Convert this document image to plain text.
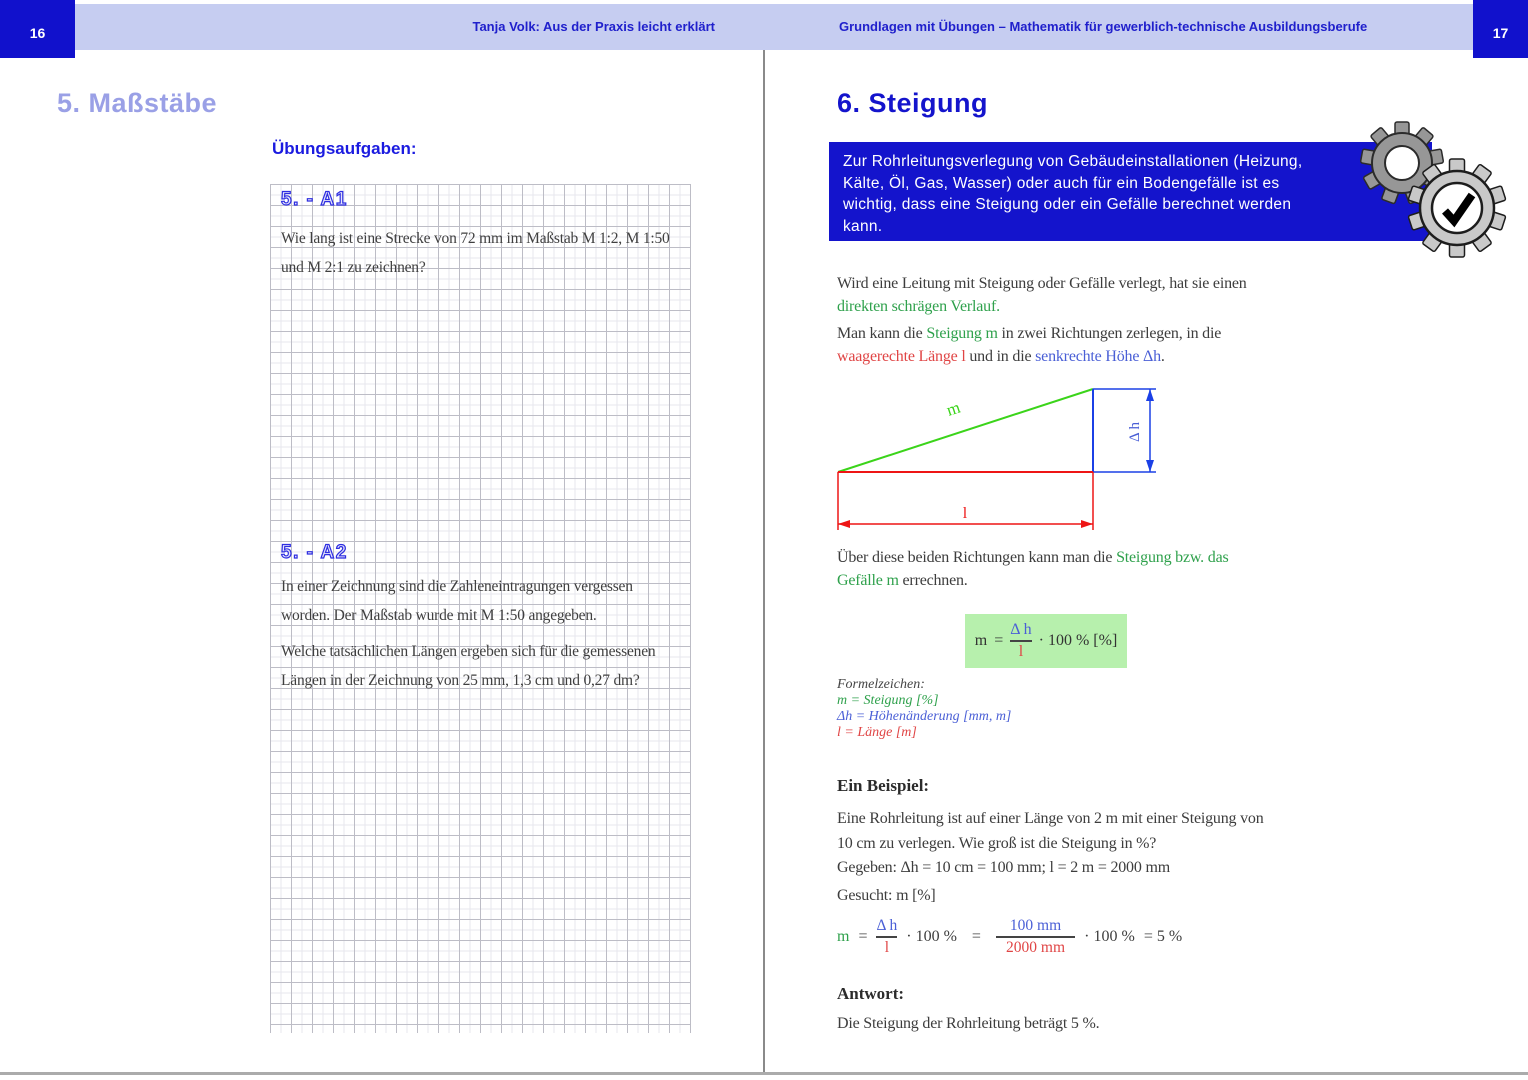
Tanja Volk: Aus der Praxis leicht erklärt	Grundlagen mit Übungen – Mathematik für gewerblich-technische Ausbildungsberufe
16	17
5. Maßstäbe
Übungsaufgaben:
5. - A1
Wie lang ist eine Strecke von 72 mm im Maßstab M 1:2, M 1:50
und M 2:1 zu zeichnen?
5. - A2
In einer Zeichnung sind die Zahleneintragungen vergessen
worden. Der Maßstab wurde mit M 1:50 angegeben.
Welche tatsächlichen Längen ergeben sich für die gemessenen
Längen in der Zeichnung von 25 mm, 1,3 cm und 0,27 dm?
6. Steigung
Zur Rohrleitungsverlegung von Gebäudeinstallationen (Heizung,
Kälte, Öl, Gas, Wasser) oder auch für ein Bodengefälle ist es
wichtig, dass eine Steigung oder ein Gefälle berechnet werden
kann.
Wird eine Leitung mit Steigung oder Gefälle verlegt, hat sie einen
direkten schrägen Verlauf.
Man kann die Steigung m in zwei Richtungen zerlegen, in die
waagerechte Länge l und in die senkrechte Höhe Δh.
m
Δ h
l
Über diese beiden Richtungen kann man die Steigung bzw. das
Gefälle m errechnen.
$m = \frac{\text{Δ h}}{l} \cdot 100$ % [%]
Formelzeichen:
m = Steigung [%]
Δh = Höhenänderung [mm, m]
l = Länge [m]
Ein Beispiel:
Eine Rohrleitung ist auf einer Länge von 2 m mit einer Steigung von
10 cm zu verlegen. Wie groß ist die Steigung in %?
Gegeben: Δh = 10 cm = 100 mm; l = 2 m = 2000 mm
Gesucht: m [%]
$m = \frac{\text{Δ h}}{l} \cdot 100$ % = $\frac{100 mm}{2000 mm} \cdot 100$ % = 5 %
Antwort:
Die Steigung der Rohrleitung beträgt 5 %.
